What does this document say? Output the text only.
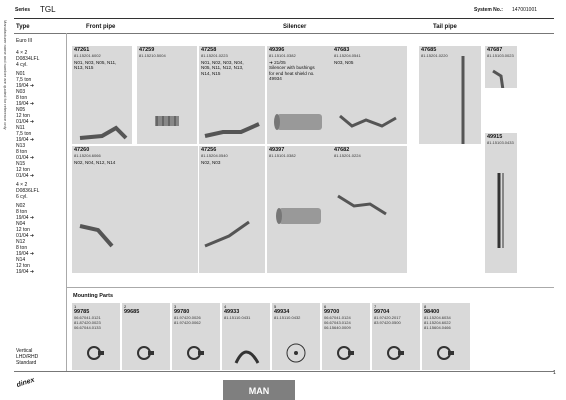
Manufacturer name and number are quoted for reference only
Series TGL	System No.: 147001001
Type	Front pipe	Silencer	Tail pipe
Euro III
4 × 2
D0834LFL
4 cyl.
N01
7,5 ton
19/04 ➜
N03
8 ton
19/04 ➜
N05
12 ton
01/04 ➜
N11
7,5 ton
19/04 ➜
N13
8 ton
01/04 ➜
N15
12 ton
01/04 ➜
4 × 2
D0836LFL
6 cyl.
N02
8 ton
19/04 ➜
N04
12 ton
01/04 ➜
N12
8 ton
19/04 ➜
N14
12 ton
19/04 ➜
Vertical
LHD/RHD
Standard
47261
81.15201.6002
N01, N03, N05, N11,
N13, N15
47259
81.15210.5004
47258
81.15201.0223
N01, N02, N03, N04,
N05, N11, N12, N13,
N14, N15
49396
81.15101.0382
➜ 21/05
Silencer with bushings
for end heat shield no.
49934
47683
81.15204.0541
N03, N05
47685
81.15201.0220
47687
81.15103.0023
47260
81.15204.6066
N02, N04, N12, N14
47256
81.15204.0540
N02, N03
49397
81.15101.0382
47682
81.15201.0224
49915
81.15103.0433
Mounting Parts
1
99785
06.67041.0121
81.87420.0023
06.67044.0133
2
99685
3
99780
81.97420.0026
81.97420.0062
4
49933
81.15110.0431
5
49934
81.15110.0432
6
99700
06.67041.0124
06.67043.0124
06.15640.0009
7
99704
81.97420.2017
83.97420.0500
8
98400
81.15204.6034
81.15204.6022
81.15604.0466
dinex
MAN
1
